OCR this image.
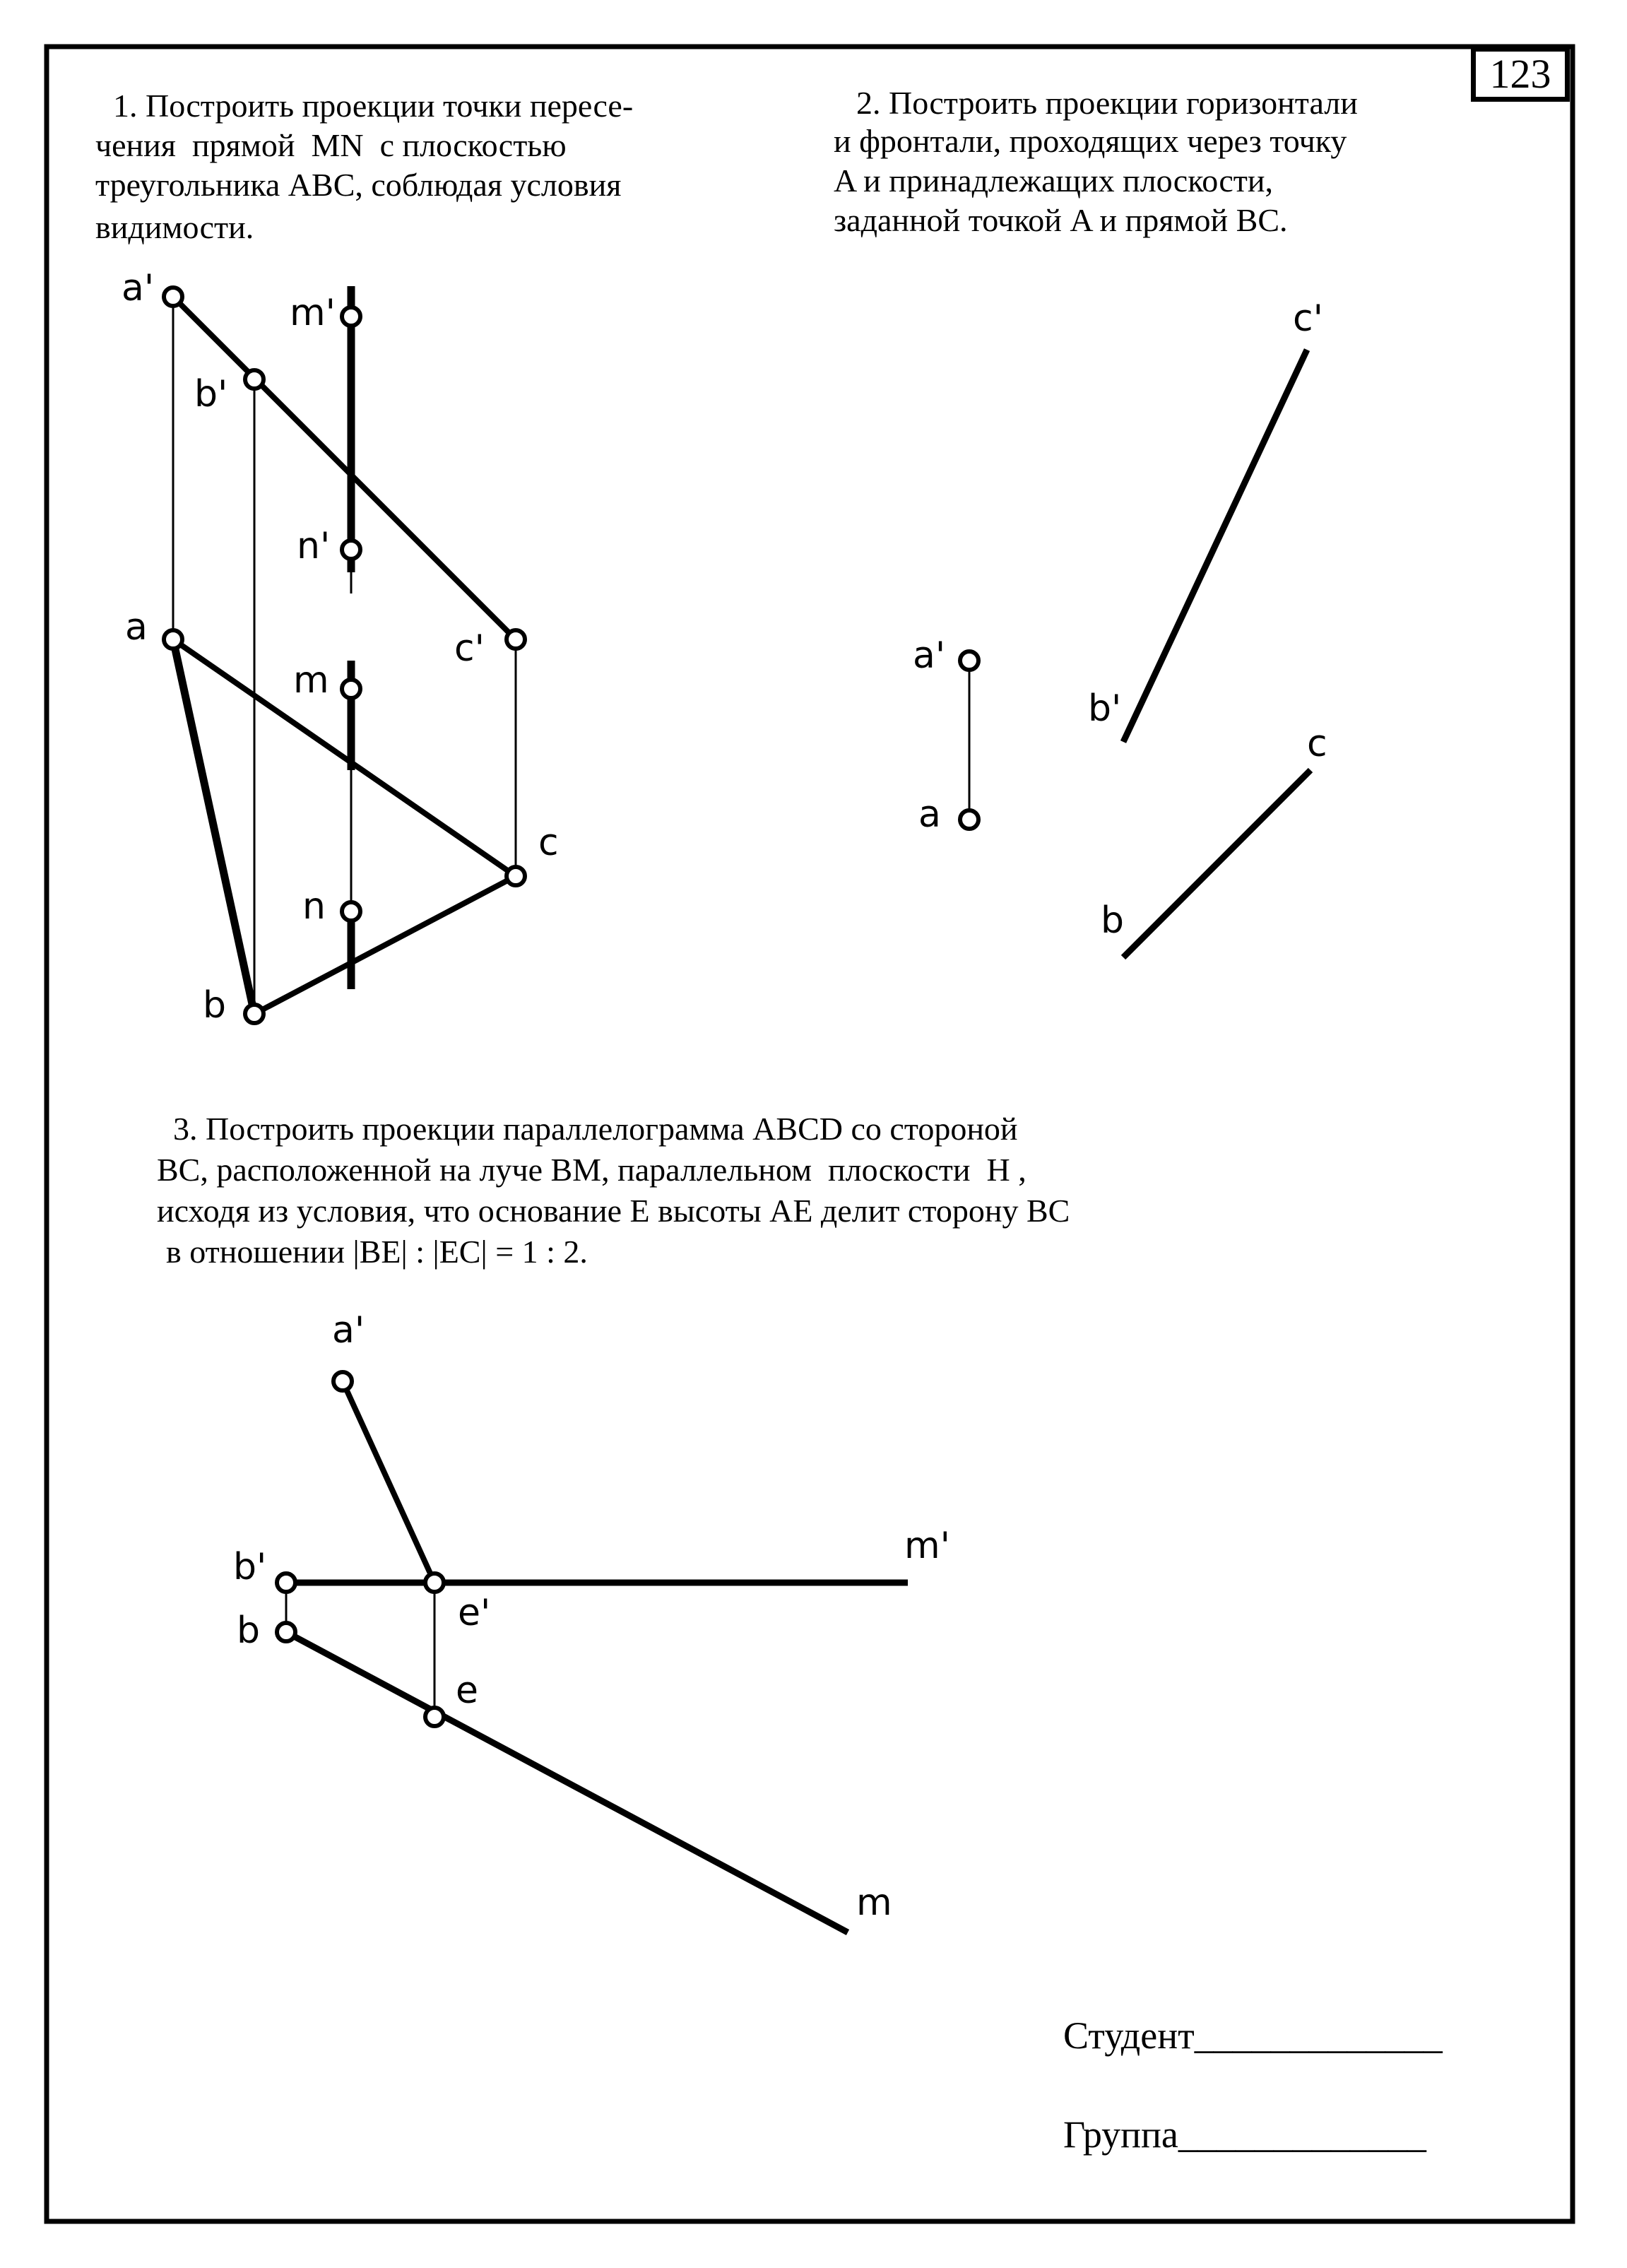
a'
b'
m'
n'
c'
a
m
c
n
b
a'
a
b'
c'
c
b
a'
b'	m'
e'
b
e
m
123
1. Построить проекции точки пересе-
чения  прямой  MN  с плоскостью
треугольника ABC, соблюдая условия
видимости.
2. Построить проекции горизонтали
и фронтали, проходящих через точку
A и принадлежащих плоскости,
заданной точкой A и прямой BC.
3. Построить проекции параллелограмма ABCD со стороной
BC, расположенной на луче BM, параллельном  плоскости  H ,
исходя из условия, что основание E высоты AE делит сторону BC
в отношении |BE| : |EC| = 1 : 2.
Студент_____________
Группа_____________
